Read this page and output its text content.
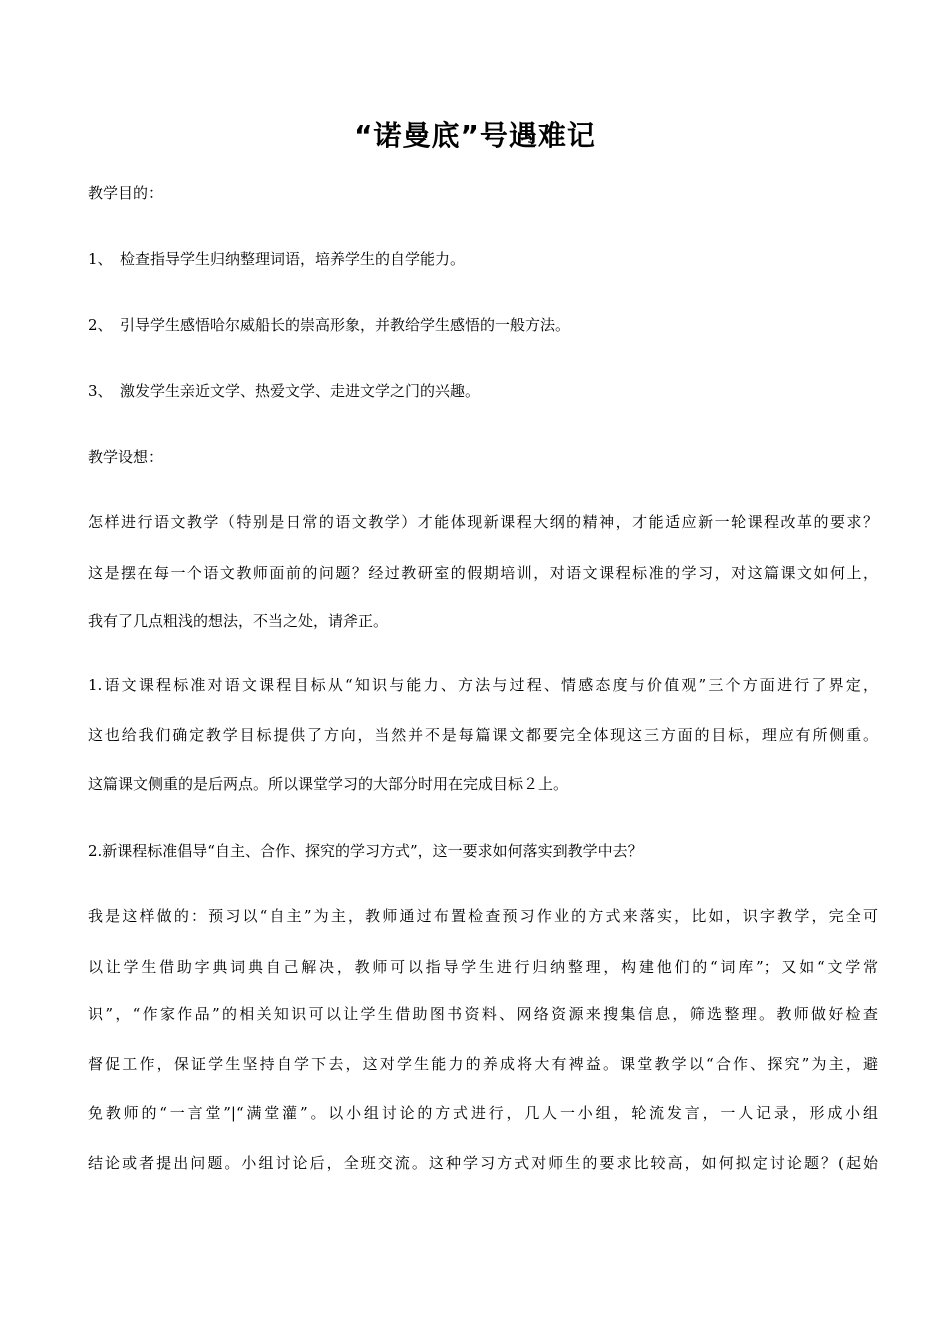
“诺曼底”号遇难记
教学目的：
1、 检查指导学生归纳整理词语，培养学生的自学能力。
2、 引导学生感悟哈尔威船长的崇高形象，并教给学生感悟的一般方法。
3、 激发学生亲近文学、热爱文学、走进文学之门的兴趣。
教学设想：
怎样进行语文教学（特别是日常的语文教学）才能体现新课程大纲的精神，才能适应新一轮课程改革的要求？
这是摆在每一个语文教师面前的问题？经过教研室的假期培训，对语文课程标准的学习，对这篇课文如何上，
我有了几点粗浅的想法，不当之处，请斧正。
1.语文课程标准对语文课程目标从“知识与能力、方法与过程、情感态度与价值观”三个方面进行了界定，
这也给我们确定教学目标提供了方向，当然并不是每篇课文都要完全体现这三方面的目标，理应有所侧重。
这篇课文侧重的是后两点。所以课堂学习的大部分时用在完成目标２上。
2.新课程标准倡导“自主、合作、探究的学习方式”，这一要求如何落实到教学中去？
我是这样做的：预习以“自主”为主，教师通过布置检查预习作业的方式来落实，比如，识字教学，完全可
以让学生借助字典词典自己解决，教师可以指导学生进行归纳整理，构建他们的“词库”；又如“文学常
识”，“作家作品”的相关知识可以让学生借助图书资料、网络资源来搜集信息，筛选整理。教师做好检查
督促工作，保证学生坚持自学下去，这对学生能力的养成将大有裨益。课堂教学以“合作、探究”为主，避
免教师的“一言堂”|“满堂灌”。以小组讨论的方式进行，几人一小组，轮流发言，一人记录，形成小组
结论或者提出问题。小组讨论后，全班交流。这种学习方式对师生的要求比较高，如何拟定讨论题？(起始
